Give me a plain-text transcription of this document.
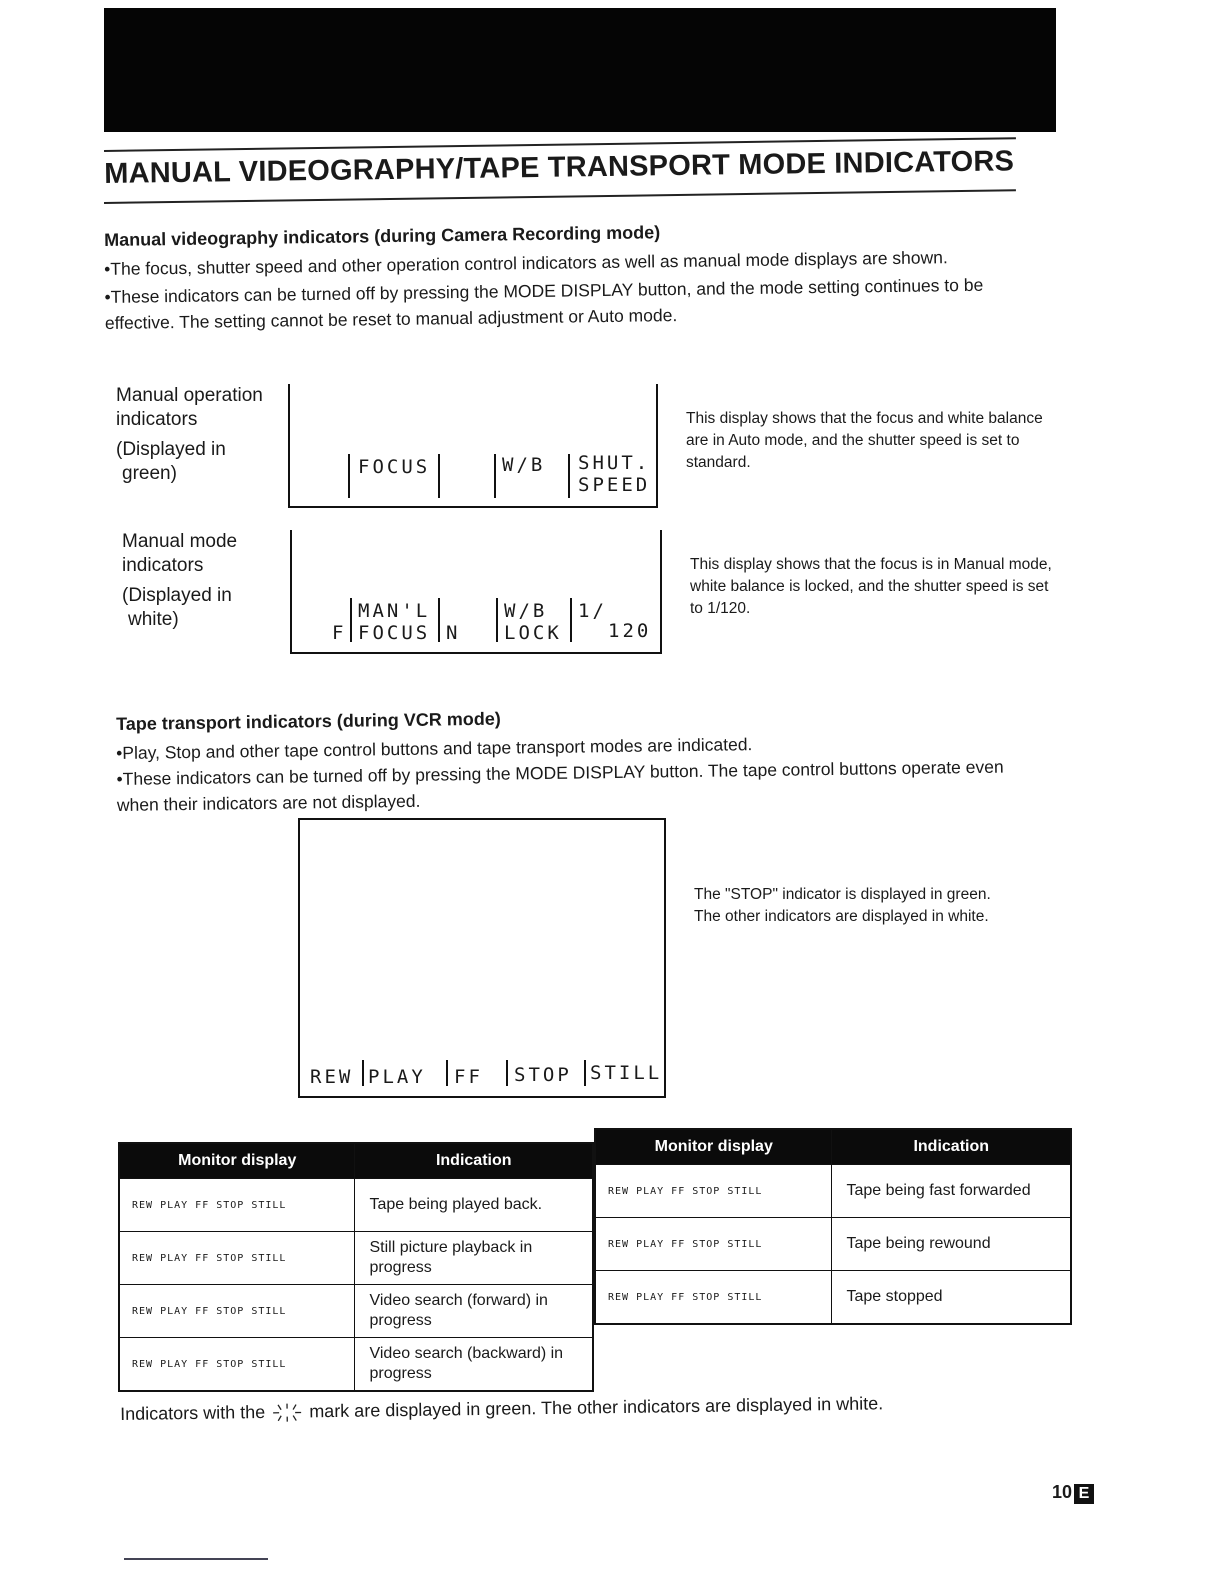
MANUAL VIDEOGRAPHY/TAPE TRANSPORT MODE INDICATORS
Manual videography indicators (during Camera Recording mode)
•The focus, shutter speed and other operation control indicators as well as manual mode displays are shown.
•These indicators can be turned off by pressing the MODE DISPLAY button, and the mode setting continues to be effective. The setting cannot be reset to manual adjustment or Auto mode.
Manual operation
indicators
(Displayed in
green)	FOCUS	W/B SHUT.
SPEED
This display shows that the focus and white balance are in Auto mode, and the shutter speed is set to standard.
Manual mode
indicators
(Displayed in
white)
F
MAN'L
FOCUS N
W/B
LOCK
1/
120
This display shows that the focus is in Manual mode, white balance is locked, and the shutter speed is set to 1/120.
Tape transport indicators (during VCR mode)
•Play, Stop and other tape control buttons and tape transport modes are indicated.
•These indicators can be turned off by pressing the MODE DISPLAY button. The tape control buttons operate even when their indicators are not displayed.
REW PLAY FF STOP STILL
The "STOP" indicator is displayed in green.
The other indicators are displayed in white.
Monitor display	Indication
REW PLAY FF STOP STILL	Tape being played back.
REW PLAY FF STOP STILL	Still picture playback in progress
REW PLAY FF STOP STILL	Video search (forward) in progress
REW PLAY FF STOP STILL	Video search (backward) in progress
Monitor display	Indication
REW PLAY FF STOP STILL	Tape being fast forwarded
REW PLAY FF STOP STILL	Tape being rewound
REW PLAY FF STOP STILL	Tape stopped
Indicators with the mark are displayed in green. The other indicators are displayed in white.
10 E
